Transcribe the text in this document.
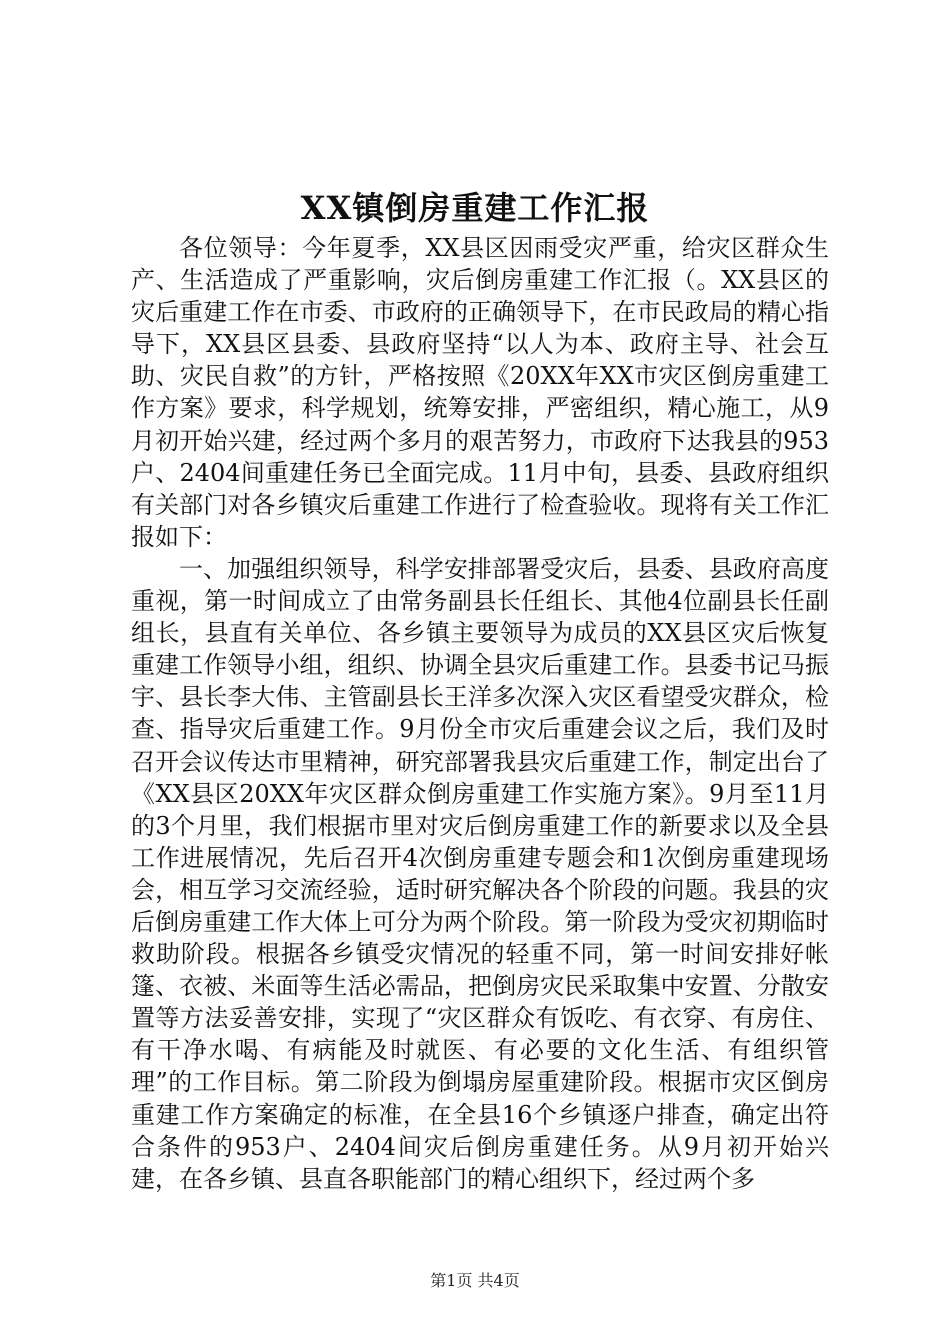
XX镇倒房重建工作汇报

各位领导：今年夏季，XX县区因雨受灾严重，给灾区群众生产、生活造成了严重影响，灾后倒房重建工作汇报（。XX县区的灾后重建工作在市委、市政府的正确领导下，在市民政局的精心指导下，XX县区县委、县政府坚持“以人为本、政府主导、社会互助、灾民自救”的方针，严格按照《20XX年XX市灾区倒房重建工作方案》要求，科学规划，统筹安排，严密组织，精心施工，从9月初开始兴建，经过两个多月的艰苦努力，市政府下达我县的953户、2404间重建任务已全面完成。11月中旬，县委、县政府组织有关部门对各乡镇灾后重建工作进行了检查验收。现将有关工作汇报如下：

一、加强组织领导，科学安排部署受灾后，县委、县政府高度重视，第一时间成立了由常务副县长任组长、其他4位副县长任副组长，县直有关单位、各乡镇主要领导为成员的XX县区灾后恢复重建工作领导小组，组织、协调全县灾后重建工作。县委书记马振宇、县长李大伟、主管副县长王洋多次深入灾区看望受灾群众，检查、指导灾后重建工作。9月份全市灾后重建会议之后，我们及时召开会议传达市里精神，研究部署我县灾后重建工作，制定出台了《XX县区20XX年灾区群众倒房重建工作实施方案》。9月至11月的3个月里，我们根据市里对灾后倒房重建工作的新要求以及全县工作进展情况，先后召开4次倒房重建专题会和1次倒房重建现场会，相互学习交流经验，适时研究解决各个阶段的问题。我县的灾后倒房重建工作大体上可分为两个阶段。第一阶段为受灾初期临时救助阶段。根据各乡镇受灾情况的轻重不同，第一时间安排好帐篷、衣被、米面等生活必需品，把倒房灾民采取集中安置、分散安置等方法妥善安排，实现了“灾区群众有饭吃、有衣穿、有房住、有干净水喝、有病能及时就医、有必要的文化生活、有组织管理”的工作目标。第二阶段为倒塌房屋重建阶段。根据市灾区倒房重建工作方案确定的标准，在全县16个乡镇逐户排查，确定出符合条件的953户、2404间灾后倒房重建任务。从9月初开始兴建，在各乡镇、县直各职能部门的精心组织下，经过两个多

第1页 共4页
